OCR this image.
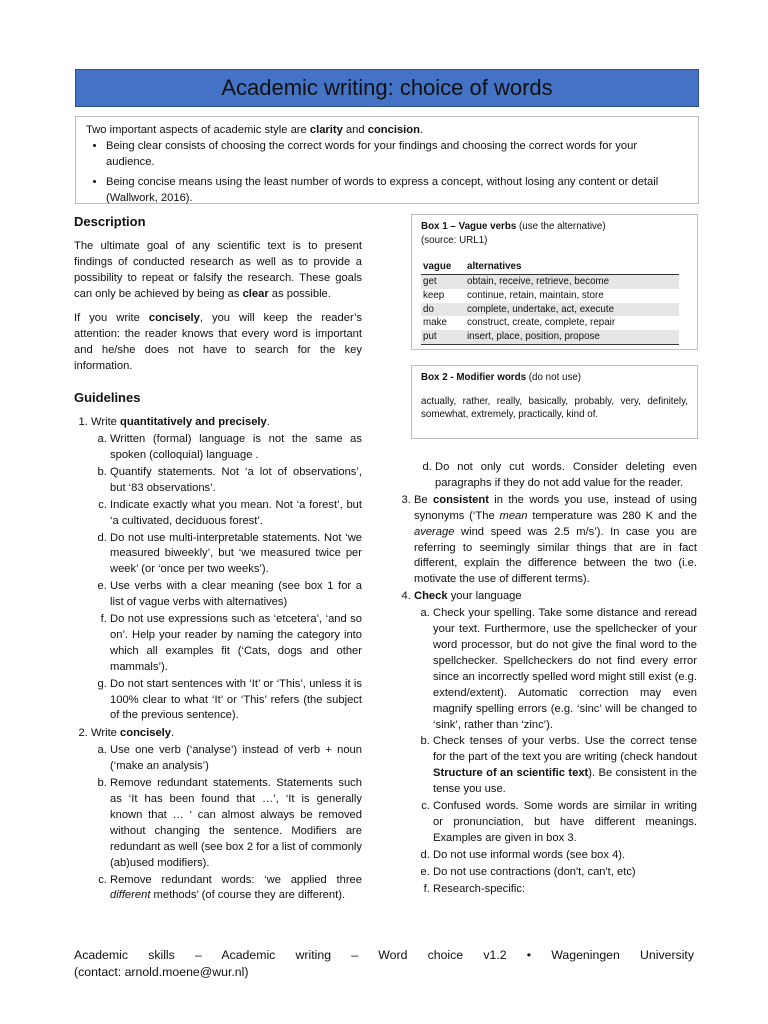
Academic writing: choice of words
Two important aspects of academic style are clarity and concision.
• Being clear consists of choosing the correct words for your findings and choosing the correct words for your audience.
• Being concise means using the least number of words to express a concept, without losing any content or detail (Wallwork, 2016).
Description

The ultimate goal of any scientific text is to present findings of conducted research as well as to provide a possibility to repeat or falsify the research. These goals can only be achieved by being as clear as possible.

If you write concisely, you will keep the reader’s attention: the reader knows that every word is important and he/she does not have to search for the key information.

Guidelines
1. Write quantitatively and precisely.
a. Written (formal) language is not the same as spoken (colloquial) language .
b. Quantify statements. Not ‘a lot of observations’, but ‘83 observations’.
c. Indicate exactly what you mean. Not ‘a forest’, but ‘a cultivated, deciduous forest’.
d. Do not use multi-interpretable statements. Not ‘we measured biweekly’, but ‘we measured twice per week’ (or ‘once per two weeks’).
e. Use verbs with a clear meaning (see box 1 for a list of vague verbs with alternatives)
f. Do not use expressions such as ‘etcetera’, ‘and so on’. Help your reader by naming the category into which all examples fit (‘Cats, dogs and other mammals’).
g. Do not start sentences with ‘It’ or ‘This’, unless it is 100% clear to what ‘It’ or ‘This’ refers (the subject of the previous sentence).
2. Write concisely.
a. Use one verb (‘analyse’) instead of verb + noun (‘make an analysis’)
b. Remove redundant statements. Statements such as ‘It has been found that …’, ‘It is generally known that … ‘ can almost always be removed without changing the sentence. Modifiers are redundant as well (see box 2 for a list of commonly (ab)used modifiers).
c. Remove redundant words: ‘we applied three different methods’ (of course they are different).
Box 1 – Vague verbs (use the alternative)
(source: URL1)
vague	alternatives
get	obtain, receive, retrieve, become
keep	continue, retain, maintain, store
do	complete, undertake, act, execute
make	construct, create, complete, repair
put	insert, place, position, propose
Box 2 - Modifier words (do not use)
actually, rather, really, basically, probably, very, definitely, somewhat, extremely, practically, kind of.
d. Do not only cut words. Consider deleting even paragraphs if they do not add value for the reader.
3. Be consistent in the words you use, instead of using synonyms (‘The mean temperature was 280 K and the average wind speed was 2.5 m/s’). In case you are referring to seemingly similar things that are in fact different, explain the difference between the two (i.e. motivate the use of different terms).
4. Check your language
a. Check your spelling. Take some distance and reread your text. Furthermore, use the spellchecker of your word processor, but do not give the final word to the spellchecker. Spellcheckers do not find every error since an incorrectly spelled word might still exist (e.g. extend/extent). Automatic correction may even magnify spelling errors (e.g. ‘sinc’ will be changed to ‘sink’, rather than ‘zinc’).
b. Check tenses of your verbs. Use the correct tense for the part of the text you are writing (check handout Structure of an scientific text). Be consistent in the tense you use.
c. Confused words. Some words are similar in writing or pronunciation, but have different meanings. Examples are given in box 3.
d. Do not use informal words (see box 4).
e. Do not use contractions (don't, can't, etc)
f. Research-specific:
Academic skills – Academic writing – Word choice v1.2 • Wageningen University
(contact: arnold.moene@wur.nl)
